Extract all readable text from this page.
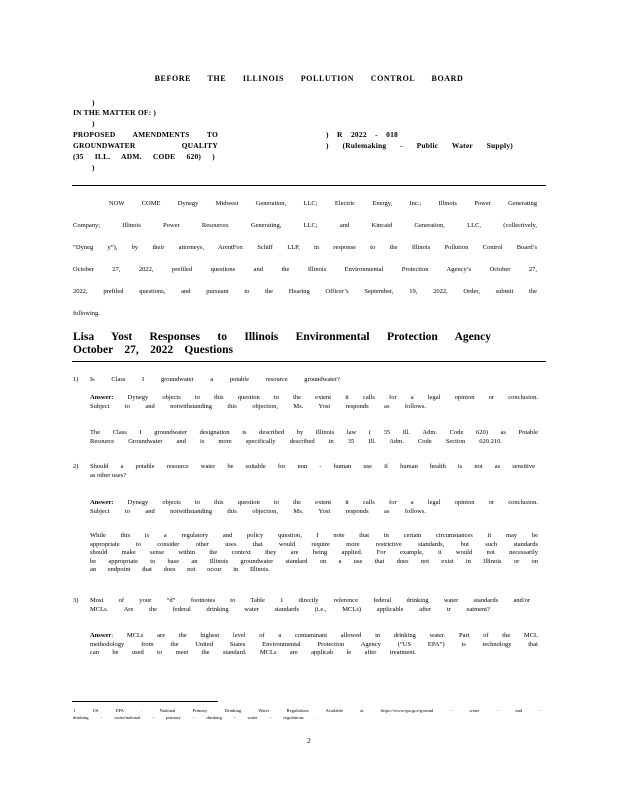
BEFORE THE ILLINOIS POLLUTION CONTROL BOARD
)
IN THE MATTER OF: )
)
PROPOSED AMENDMENTS TO
GROUNDWATER QUALITY
(35 ILL. ADM. CODE 620) )
)
) R 2022 - 018
) (Rulemaking - Public Water Supply)
NOW COME Dynegy Midwest Generation, LLC; Electric Energy, Inc.; Illinois Power Generating
Company; Illinois Power Resources Generating, LLC; and Kincaid Generation, LLC, (collectively,
“Dyneg y”), by their attorneys, ArentFox Schiff LLP, in response to the Illinois Pollution Control Board’s
October 27, 2022, prefiled questions and the Illinois Environmental Protection Agency’s October 27,
2022, prefiled questions, and pursuant to the Hearing Officer’s September, 19, 2022, Order, submit the
following.
Lisa Yost Responses to Illinois Environmental Protection Agency
October 27, 2022 Questions
1) Is Class I groundwater a potable resource groundwater?
Answer: Dynegy objects to this question to the extent it calls for a legal opinion or conclusion.
Subject to and notwithstanding this objection, Ms. Yost responds as follows.
The Class I groundwater designation is described by Illinois law ( 35 Ill. Adm. Code 620) as Potable
Resource Groundwater and is more specifically described in 35 Ill. Adm. Code Section 620.210.
2) Should a potable resource water be suitable for non - human use if human health is not as sensitive
as other uses?
Answer: Dynegy objects to this question to the extent it calls for a legal opinion or conclusion.
Subject to and notwithstanding this objection, Ms. Yost responds as follows.
While this is a regulatory and policy question, I note that in certain circumstances it may be
appropriate to consider other uses that would require more restrictive standards, but such standards
should make sense within the context they are being applied. For example, it would not necessarily
be appropriate to base an Illinois groundwater standard on a use that does not exist in Illinois or on
an endpoint that does not occur in Illinois.
3) Most of your “d” footnotes to Table 1 directly reference federal drinking water standards and/or
MCLs. Are the federal drinking water standards (i.e., MCLs) applicable after tr eatment?
Answer: MCLs are the highest level of a contaminant allowed in drinking water. Part of the MCL
methodology from the United States Environmental Protection Agency (“US EPA”) is technology that
can be used to meet the standard. MCLs are applicab le after treatment.
1 US EPA , National Primary Drinking Water Regulations Available at https://www.epa.gov/ground - water - and -
drinking - water/national - primary - drinking - water - regulations .
2
